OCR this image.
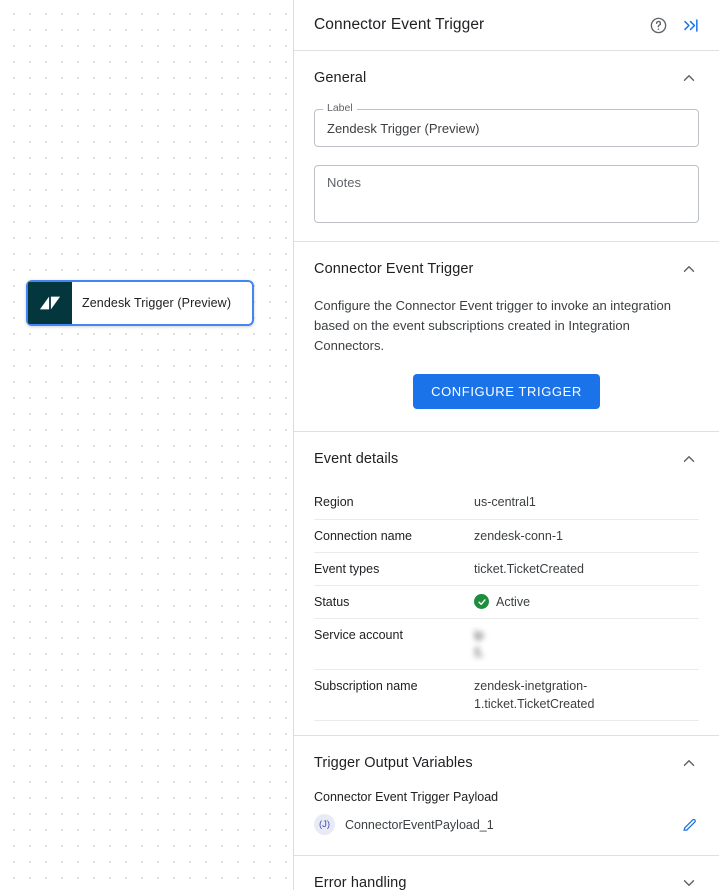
Zendesk Trigger (Preview)
Connector Event Trigger
General
Label
Zendesk Trigger (Preview)
Notes
Connector Event Trigger

Configure the Connector Event trigger to invoke an integration based on the event subscriptions created in Integration Connectors.

CONFIGURE TRIGGER
Event details
Region	us-central1
Connection name	zendesk-conn-1
Event types	ticket.TicketCreated
Status	Active

Service account	ip
5.

Subscription name	zendesk-inetgration-1.ticket.TicketCreated
Trigger Output Variables

Connector Event Trigger Payload

(J)	ConnectorEventPayload_1
Error handling
